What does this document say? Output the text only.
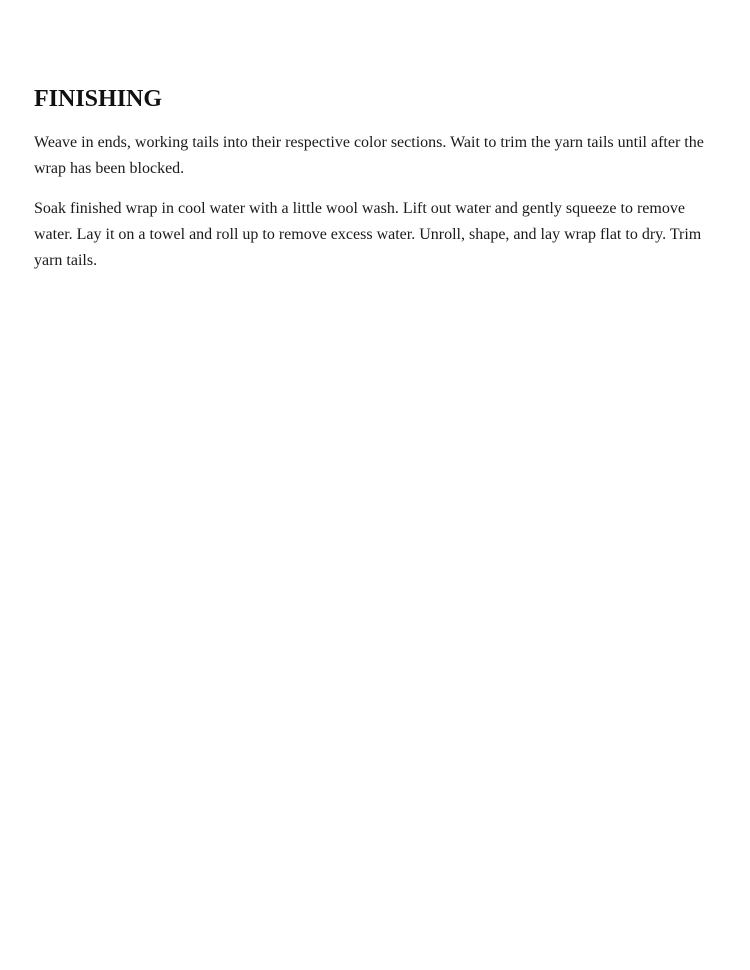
FINISHING

Weave in ends, working tails into their respective color sections. Wait to trim the yarn tails until after the wrap has been blocked.

Soak finished wrap in cool water with a little wool wash. Lift out water and gently squeeze to remove water. Lay it on a towel and roll up to remove excess water. Unroll, shape, and lay wrap flat to dry. Trim yarn tails.
